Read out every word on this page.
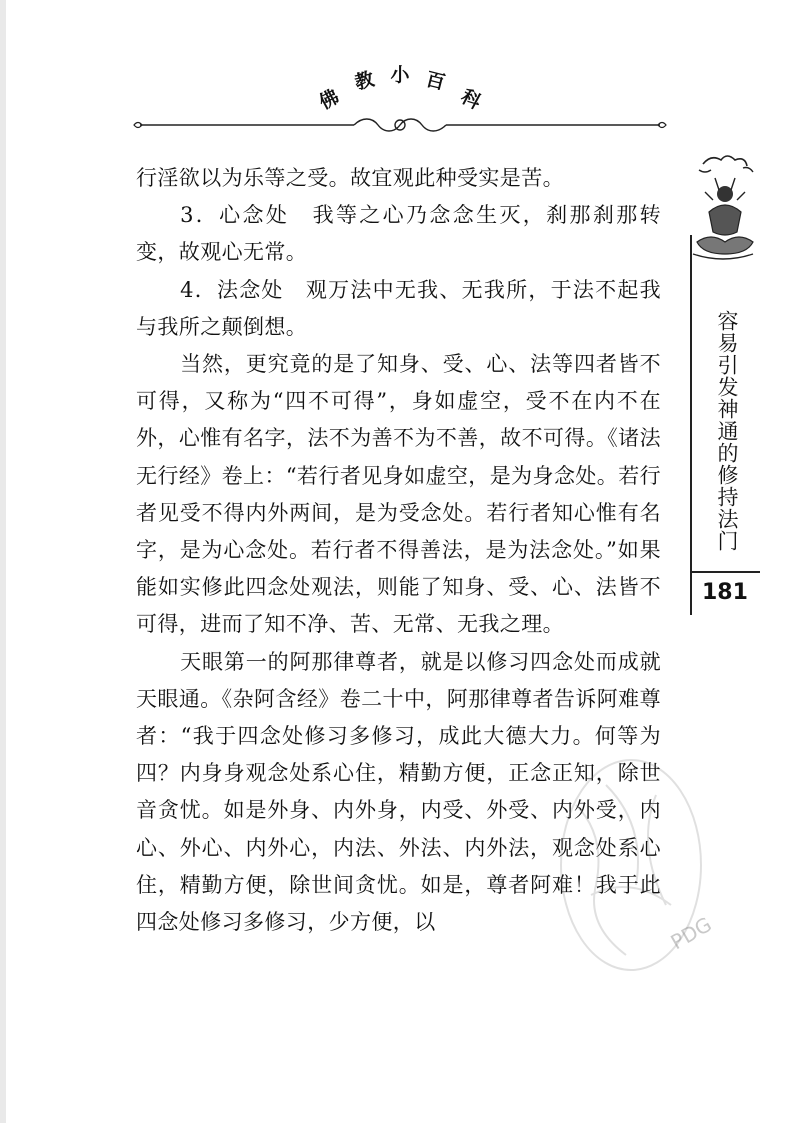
佛
教 小 百
科

行淫欲以为乐等之受。故宜观此种受实是苦。

3．心念处　我等之心乃念念生灭，刹那刹那转变，故观心无常。

4．法念处　观万法中无我、无我所，于法不起我与我所之颠倒想。

当然，更究竟的是了知身、受、心、法等四者皆不可得，又称为“四不可得”，身如虚空，受不在内不在外，心惟有名字，法不为善不为不善，故不可得。《诸法无行经》卷上：“若行者见身如虚空，是为身念处。若行者见受不得内外两间，是为受念处。若行者知心惟有名字，是为心念处。若行者不得善法，是为法念处。”如果能如实修此四念处观法，则能了知身、受、心、法皆不可得，进而了知不净、苦、无常、无我之理。

天眼第一的阿那律尊者，就是以修习四念处而成就天眼通。《杂阿含经》卷二十中，阿那律尊者告诉阿难尊者：“我于四念处修习多修习，成此大德大力。何等为四？内身身观念处系心住，精勤方便，正念正知，除世音贪忧。如是外身、内外身，内受、外受、内外受，内心、外心、内外心，内法、外法、内外法，观念处系心住，精勤方便，除世间贪忧。如是，尊者阿难！我于此四念处修习多修习，少方便，以

容易引发神通的修持法门
181
PDG
